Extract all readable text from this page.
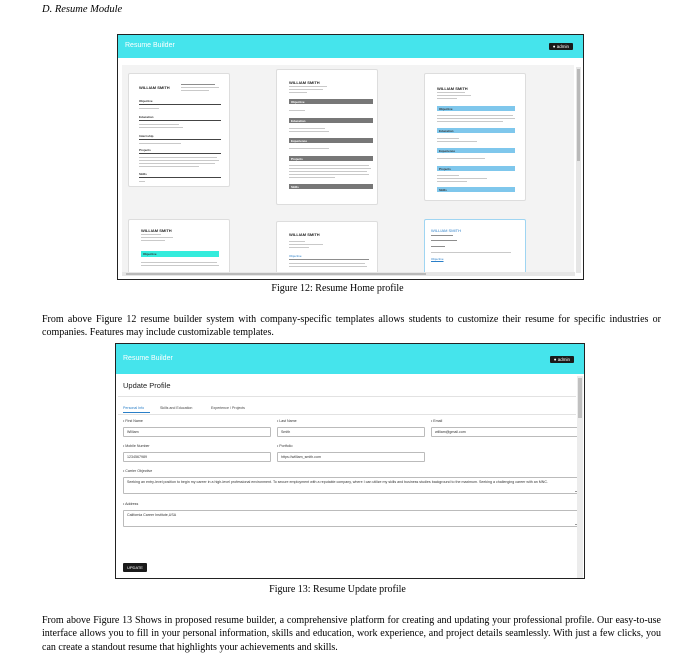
D. Resume Module
Resume Builder	● admin
WILLIAM SMITH
Objective
Education
Internship
Projects
Skills
WILLIAM SMITH
Objective
Education
Experience
Projects
Skills
WILLIAM SMITH
Objective
Education
Experience
Projects
Skills
WILLIAM SMITH
Objective
WILLIAM SMITH
Objective
WILLIAM SMITH
Objective
Figure 12: Resume Home profile

From above Figure 12 resume builder system with company-specific templates allows students to customize their resume for specific industries or companies. Features may include customizable templates.

Resume Builder	● admin
Update Profile
Personal Info	Skills and Education	Experience / Projects
• First Name
William
• Last Name
Smith
• Email
william@gmail.com
• Mobile Number
1234567989
• Portfolio
https://william_smith.com
• Carrier Objective
Seeking an entry-level position to begin my career in a high-level professional environment. To secure employment with a reputable company, where I can utilize my skills and business studies background to the maximum. Seeking a challenging career with an MNC.
• Address
California Career Institute,USA
UPDATE
Figure 13: Resume Update profile

From above Figure 13 Shows in proposed resume builder, a comprehensive platform for creating and updating your professional profile. Our easy-to-use interface allows you to fill in your personal information, skills and education, work experience, and project details seamlessly. With just a few clicks, you can create a standout resume that highlights your achievements and skills.
